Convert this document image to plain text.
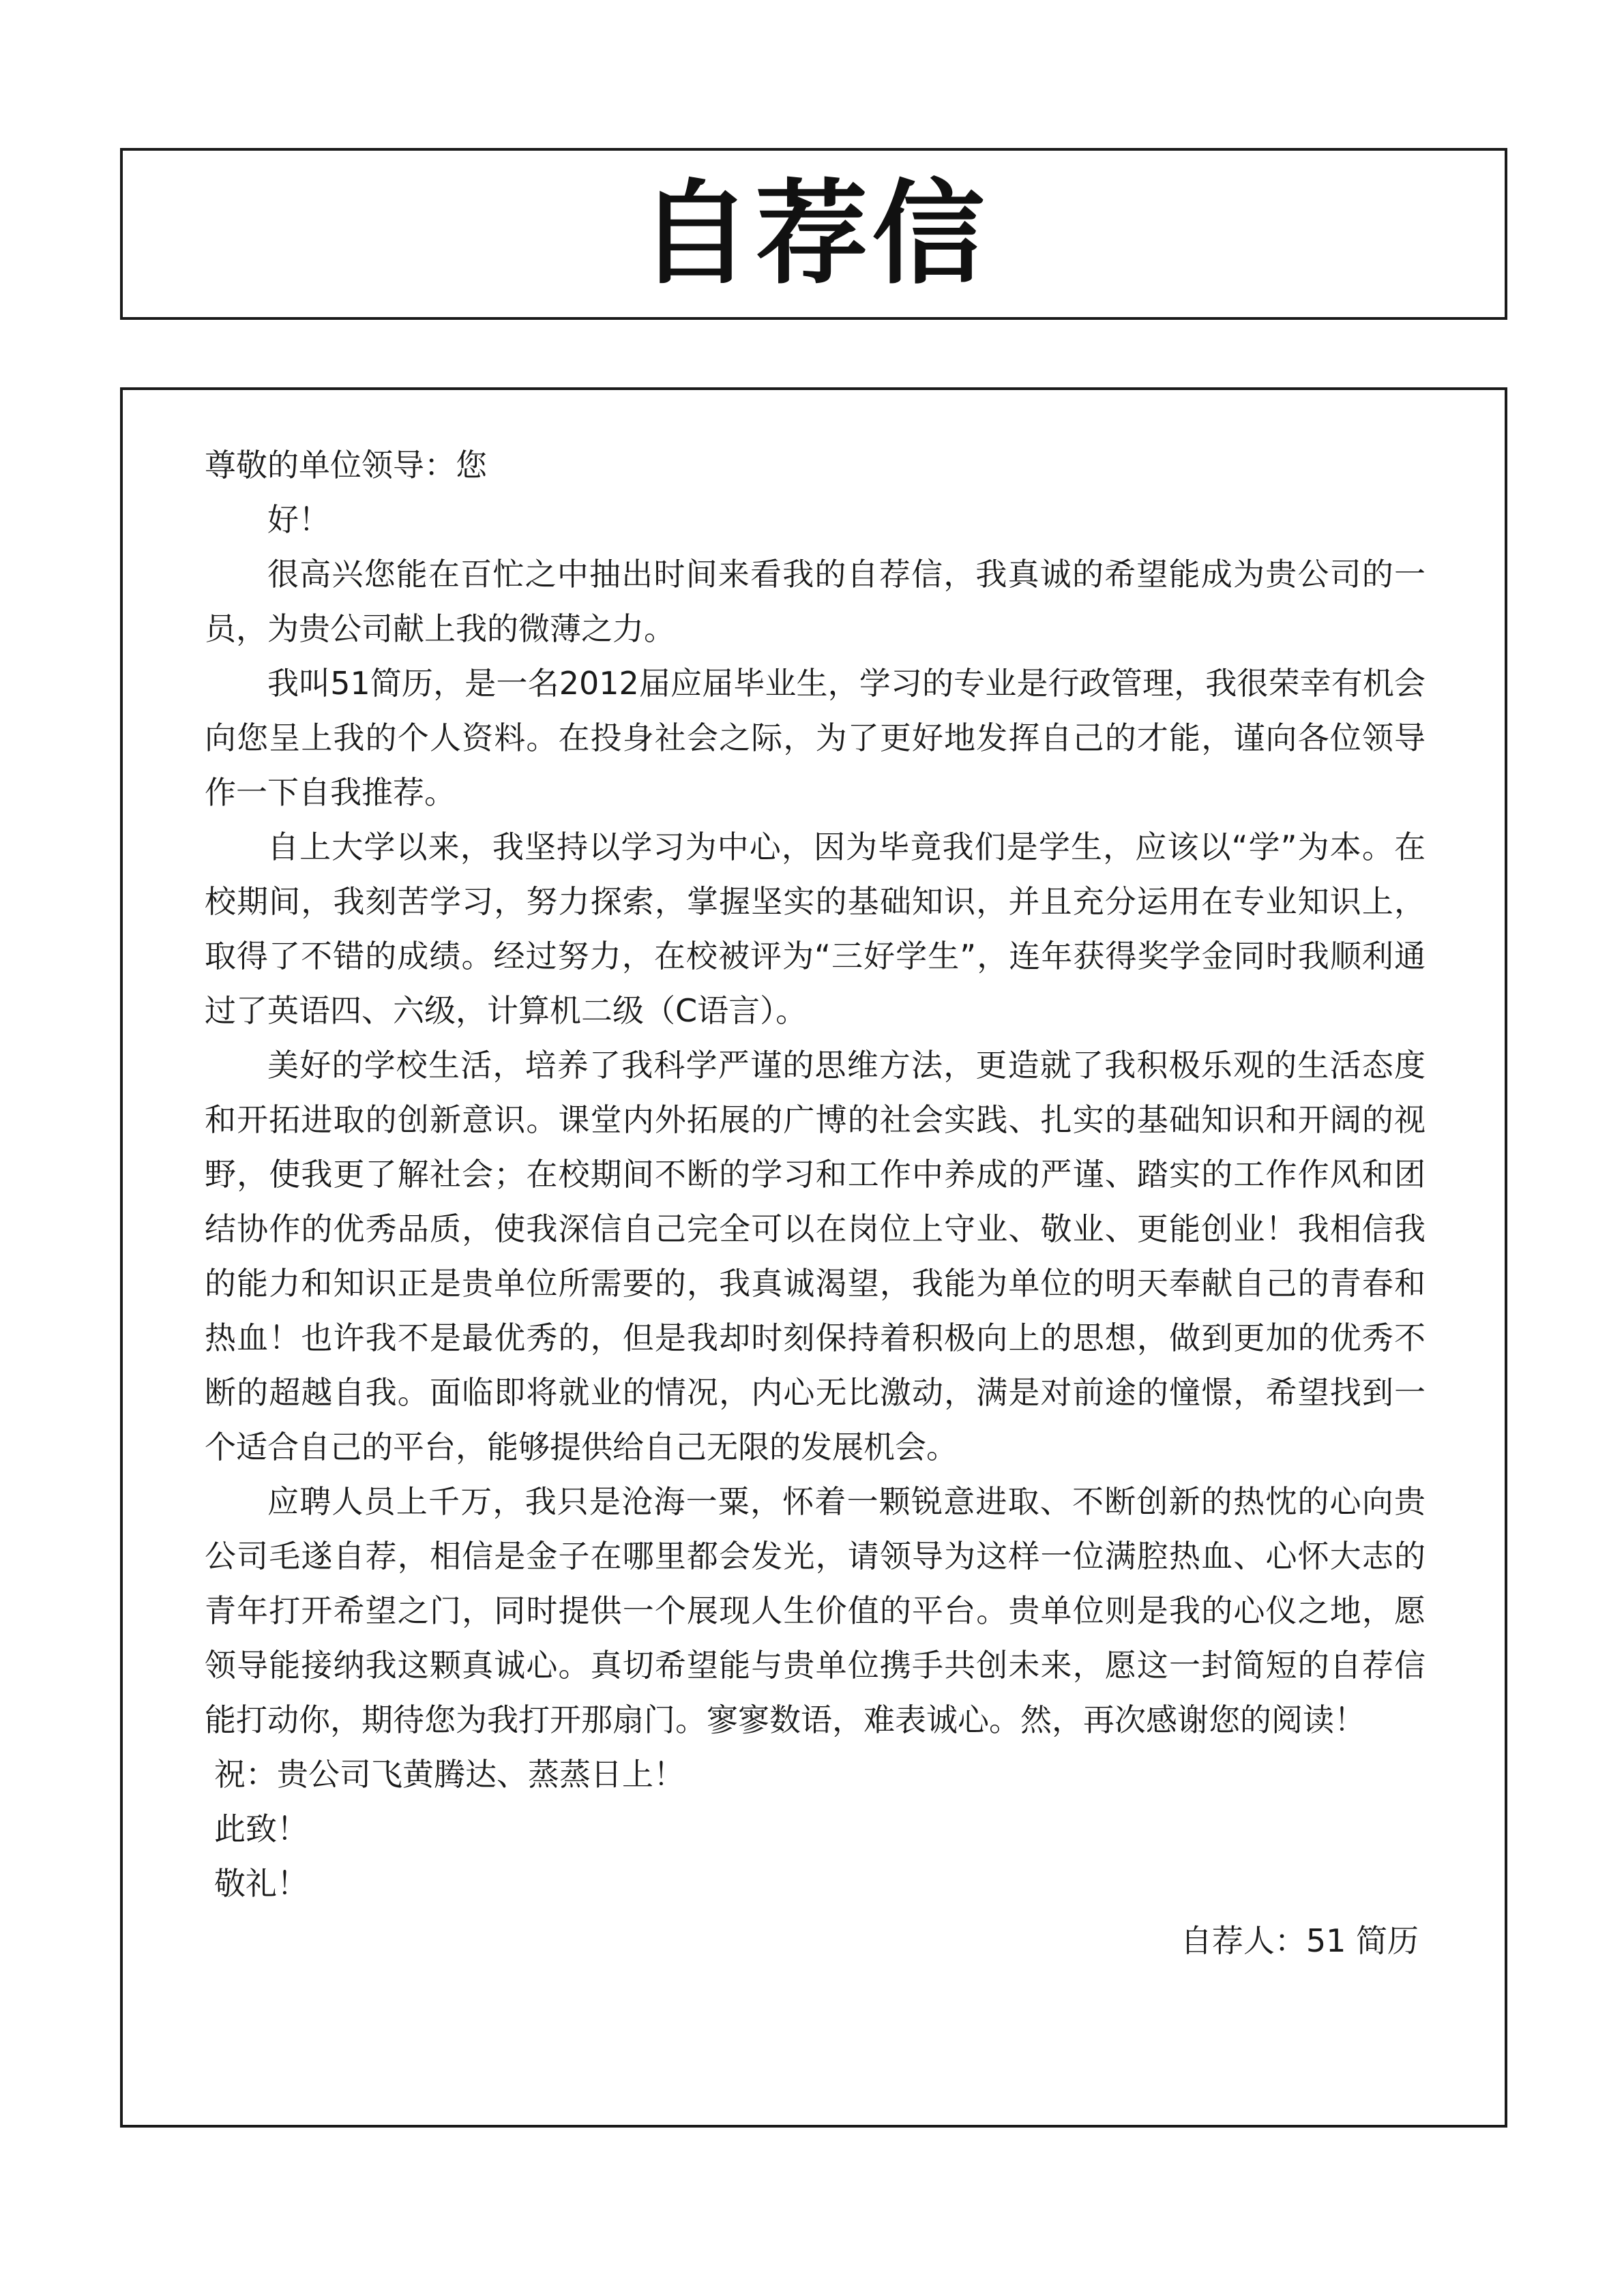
自荐信

尊敬的单位领导：您

好！

很高兴您能在百忙之中抽出时间来看我的自荐信，我真诚的希望能成为贵公司的一员，为贵公司献上我的微薄之力。

我叫51简历，是一名2012届应届毕业生，学习的专业是行政管理，我很荣幸有机会向您呈上我的个人资料。在投身社会之际，为了更好地发挥自己的才能，谨向各位领导作一下自我推荐。

自上大学以来，我坚持以学习为中心，因为毕竟我们是学生，应该以“学”为本。在校期间，我刻苦学习，努力探索，掌握坚实的基础知识，并且充分运用在专业知识上，取得了不错的成绩。经过努力，在校被评为“三好学生”，连年获得奖学金同时我顺利通过了英语四、六级，计算机二级（C语言）。

美好的学校生活，培养了我科学严谨的思维方法，更造就了我积极乐观的生活态度和开拓进取的创新意识。课堂内外拓展的广博的社会实践、扎实的基础知识和开阔的视野，使我更了解社会；在校期间不断的学习和工作中养成的严谨、踏实的工作作风和团结协作的优秀品质，使我深信自己完全可以在岗位上守业、敬业、更能创业！我相信我的能力和知识正是贵单位所需要的，我真诚渴望，我能为单位的明天奉献自己的青春和热血！也许我不是最优秀的，但是我却时刻保持着积极向上的思想，做到更加的优秀不断的超越自我。面临即将就业的情况，内心无比激动，满是对前途的憧憬，希望找到一个适合自己的平台，能够提供给自己无限的发展机会。

应聘人员上千万，我只是沧海一粟，怀着一颗锐意进取、不断创新的热忱的心向贵公司毛遂自荐，相信是金子在哪里都会发光，请领导为这样一位满腔热血、心怀大志的青年打开希望之门，同时提供一个展现人生价值的平台。贵单位则是我的心仪之地，愿领导能接纳我这颗真诚心。真切希望能与贵单位携手共创未来，愿这一封简短的自荐信能打动你，期待您为我打开那扇门。寥寥数语，难表诚心。然，再次感谢您的阅读！

祝：贵公司飞黄腾达、蒸蒸日上！

此致！

敬礼！

自荐人：51 简历
